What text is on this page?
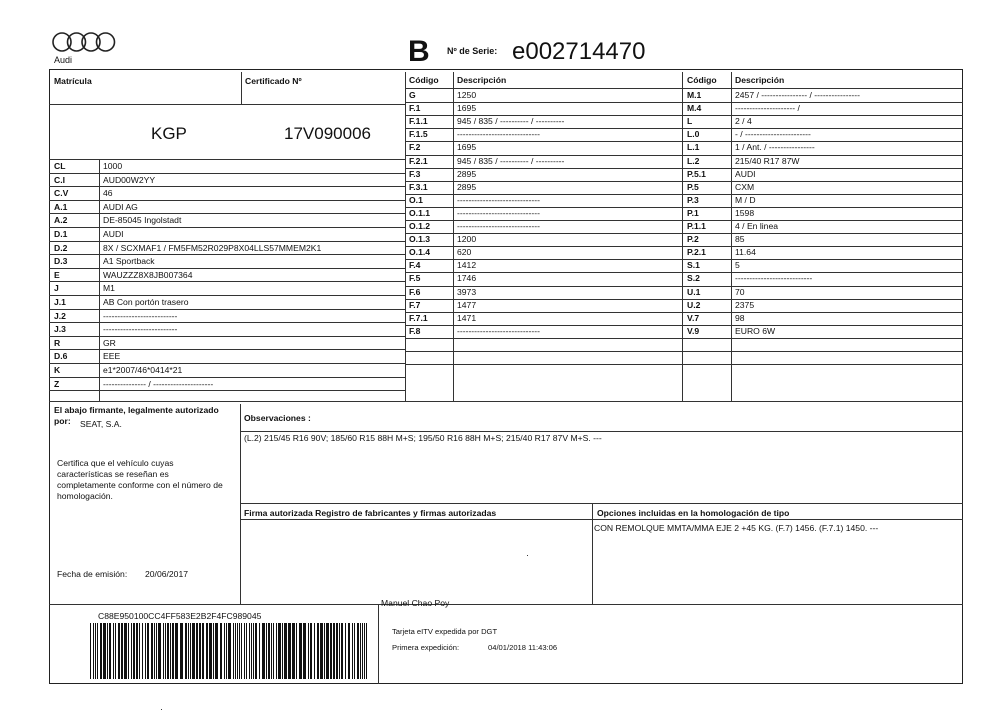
Audi	B Nº de Serie: e002714470
Matrícula	Certificado Nº
KGP	17V090006
CL	1000
C.I	AUD00W2YY
C.V	46
A.1	AUDI AG
A.2	DE-85045 Ingolstadt
D.1	AUDI
D.2	8X / SCXMAF1 / FM5FM52R029P8X04LLS57MMEM2K1
D.3	A1 Sportback
E	WAUZZZ8X8JB007364
J	M1
J.1	AB Con portón trasero
J.2	--------------------------
J.3	--------------------------
R	GR
D.6	EEE
K	e1*2007/46*0414*21
Z	--------------- / ---------------------
Código Descripción
G	1250
F.1	1695
F.1.1	945 / 835 / ---------- / ----------
F.1.5	-----------------------------
F.2	1695
F.2.1	945 / 835 / ---------- / ----------
F.3	2895
F.3.1	2895
O.1	-----------------------------
O.1.1	-----------------------------
O.1.2	-----------------------------
O.1.3	1200
O.1.4	620
F.4	1412
F.5	1746
F.6	3973
F.7	1477
F.7.1	1471
F.8	-----------------------------
Código Descripción
M.1	2457 / ---------------- / ----------------
M.4	--------------------- /
L	2 / 4
L.0	- / -----------------------
L.1	1 / Ant. / ----------------
L.2	215/40 R17 87W
P.5.1	AUDI
P.5	CXM
P.3	M / D
P.1	1598
P.1.1	4 / En linea
P.2	85
P.2.1	11.64
S.1	5
S.2	---------------------------
U.1	70
U.2	2375
V.7	98
V.9	EURO 6W
El abajo firmante, legalmente autorizado
por: SEAT, S.A.
Certifica que el vehículo cuyas características se reseñan es completamente conforme con el número de homologación.
Fecha de emisión: 20/06/2017
Observaciones :
(L.2) 215/45 R16 90V; 185/60 R15 88H M+S; 195/50 R16 88H M+S; 215/40 R17 87V M+S. ---
Firma autorizada Registro de fabricantes y firmas autorizadas
Manuel Chao Poy
·
Opciones incluidas en la homologación de tipo
CON REMOLQUE MMTA/MMA EJE 2 +45 KG. (F.7) 1456. (F.7.1) 1450. ---
C88E950100CC4FF583E2B2F4FC989045
Tarjeta eITV expedida por DGT
Primera expedición:	04/01/2018 11:43:06
·
